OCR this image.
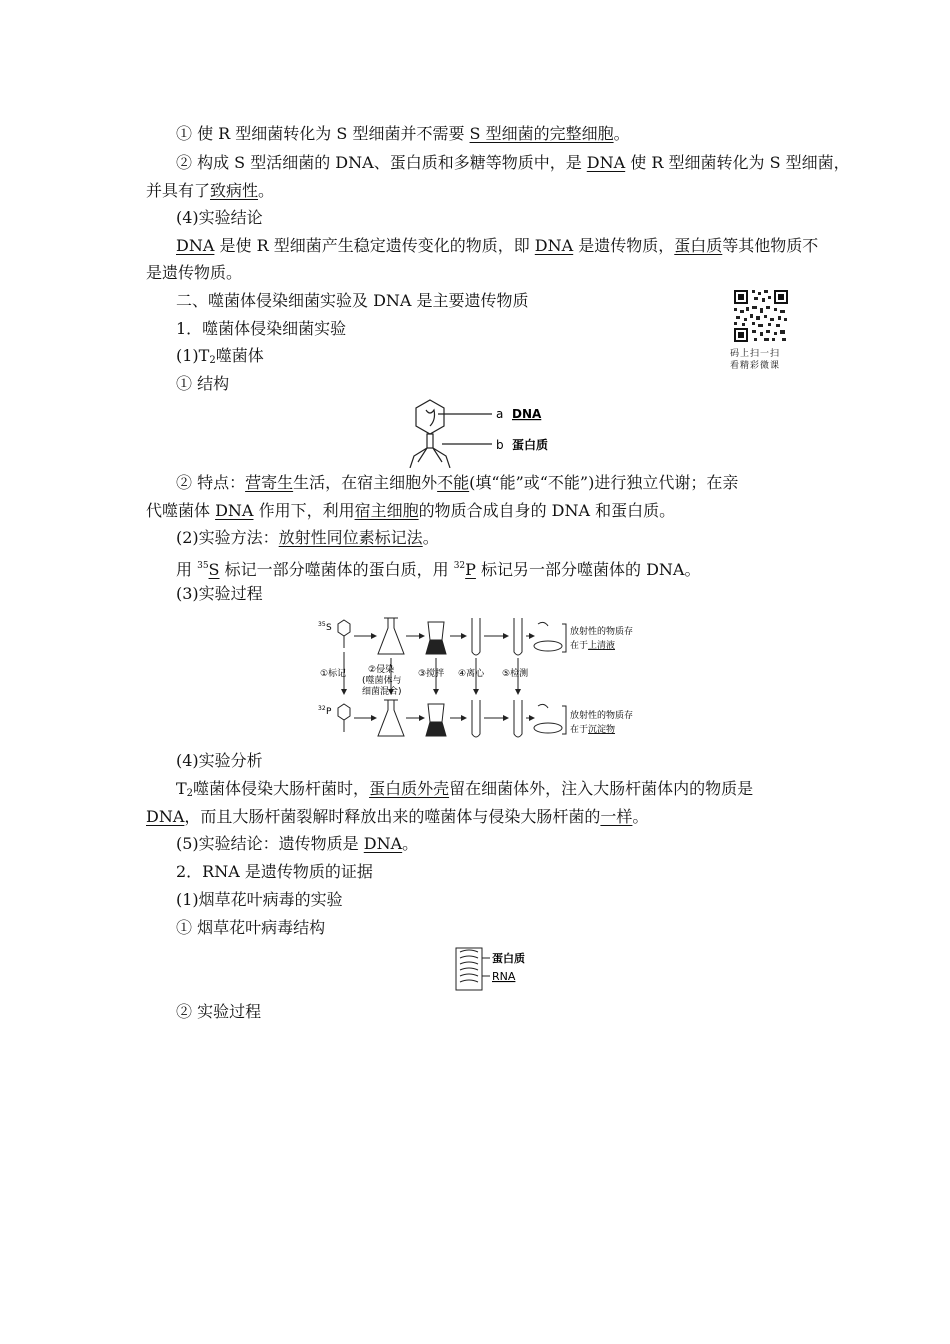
① 使 R 型细菌转化为 S 型细菌并不需要 S 型细菌的完整细胞。
② 构成 S 型活细菌的 DNA、蛋白质和多糖等物质中，是 DNA 使 R 型细菌转化为 S 型细菌，
并具有了致病性。
(4)实验结论
DNA 是使 R 型细菌产生稳定遗传变化的物质，即 DNA 是遗传物质，蛋白质等其他物质不
是遗传物质。
二、噬菌体侵染细菌实验及 DNA 是主要遗传物质
码上扫一扫
看精彩微课
1．噬菌体侵染细菌实验
$(1)T_2$噬菌体
① 结构
a DNA
b 蛋白质
② 特点：营寄生生活，在宿主细胞外不能(填“能”或“不能”)进行独立代谢；在亲
代噬菌体 DNA 作用下，利用宿主细胞的物质合成自身的 DNA 和蛋白质。
(2)实验方法：放射性同位素标记法。
用 $^{35}$S 标记一部分噬菌体的蛋白质，用 $^{32}$P 标记另一部分噬菌体的 DNA。
(3)实验过程
35 S
32 P
①标记 ②侵染
(噬菌体与
细菌混合)
③搅拌 ④离心 ⑤检测
放射性的物质存
在于 上清液
放射性的物质存
在于 沉淀物
(4)实验分析
$T_2$噬菌体侵染大肠杆菌时，蛋白质外壳留在细菌体外，注入大肠杆菌体内的物质是
DNA，而且大肠杆菌裂解时释放出来的噬菌体与侵染大肠杆菌的一样。
(5)实验结论：遗传物质是 DNA。
2．RNA 是遗传物质的证据
(1)烟草花叶病毒的实验
① 烟草花叶病毒结构
蛋白质
RNA
② 实验过程
